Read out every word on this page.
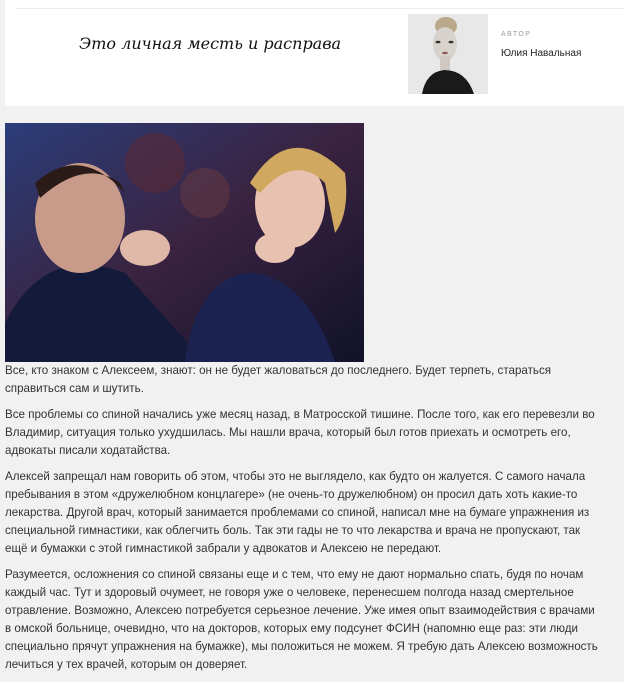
Это личная месть и расправа	АВТОР
Юлия Навальная

Все, кто знаком с Алексеем, знают: он не будет жаловаться до последнего. Будет терпеть, стараться
справиться сам и шутить.

Все проблемы со спиной начались уже месяц назад, в Матросской тишине. После того, как его перевезли во
Владимир, ситуация только ухудшилась. Мы нашли врача, который был готов приехать и осмотреть его,
адвокаты писали ходатайства.

Алексей запрещал нам говорить об этом, чтобы это не выглядело, как будто он жалуется. С самого начала
пребывания в этом «дружелюбном концлагере» (не очень-то дружелюбном) он просил дать хоть какие-то
лекарства. Другой врач, который занимается проблемами со спиной, написал мне на бумаге упражнения из
специальной гимнастики, как облегчить боль. Так эти гады не то что лекарства и врача не пропускают, так
ещё и бумажки с этой гимнастикой забрали у адвокатов и Алексею не передают.

Разумеется, осложнения со спиной связаны еще и с тем, что ему не дают нормально спать, будя по ночам
каждый час. Тут и здоровый очумеет, не говоря уже о человеке, перенесшем полгода назад смертельное
отравление. Возможно, Алексею потребуется серьезное лечение. Уже имея опыт взаимодействия с врачами
в омской больнице, очевидно, что на докторов, которых ему подсунет ФСИН (напомню еще раз: эти люди
специально прячут упражнения на бумажке), мы положиться не можем. Я требую дать Алексею возможность
лечиться у тех врачей, которым он доверяет.
